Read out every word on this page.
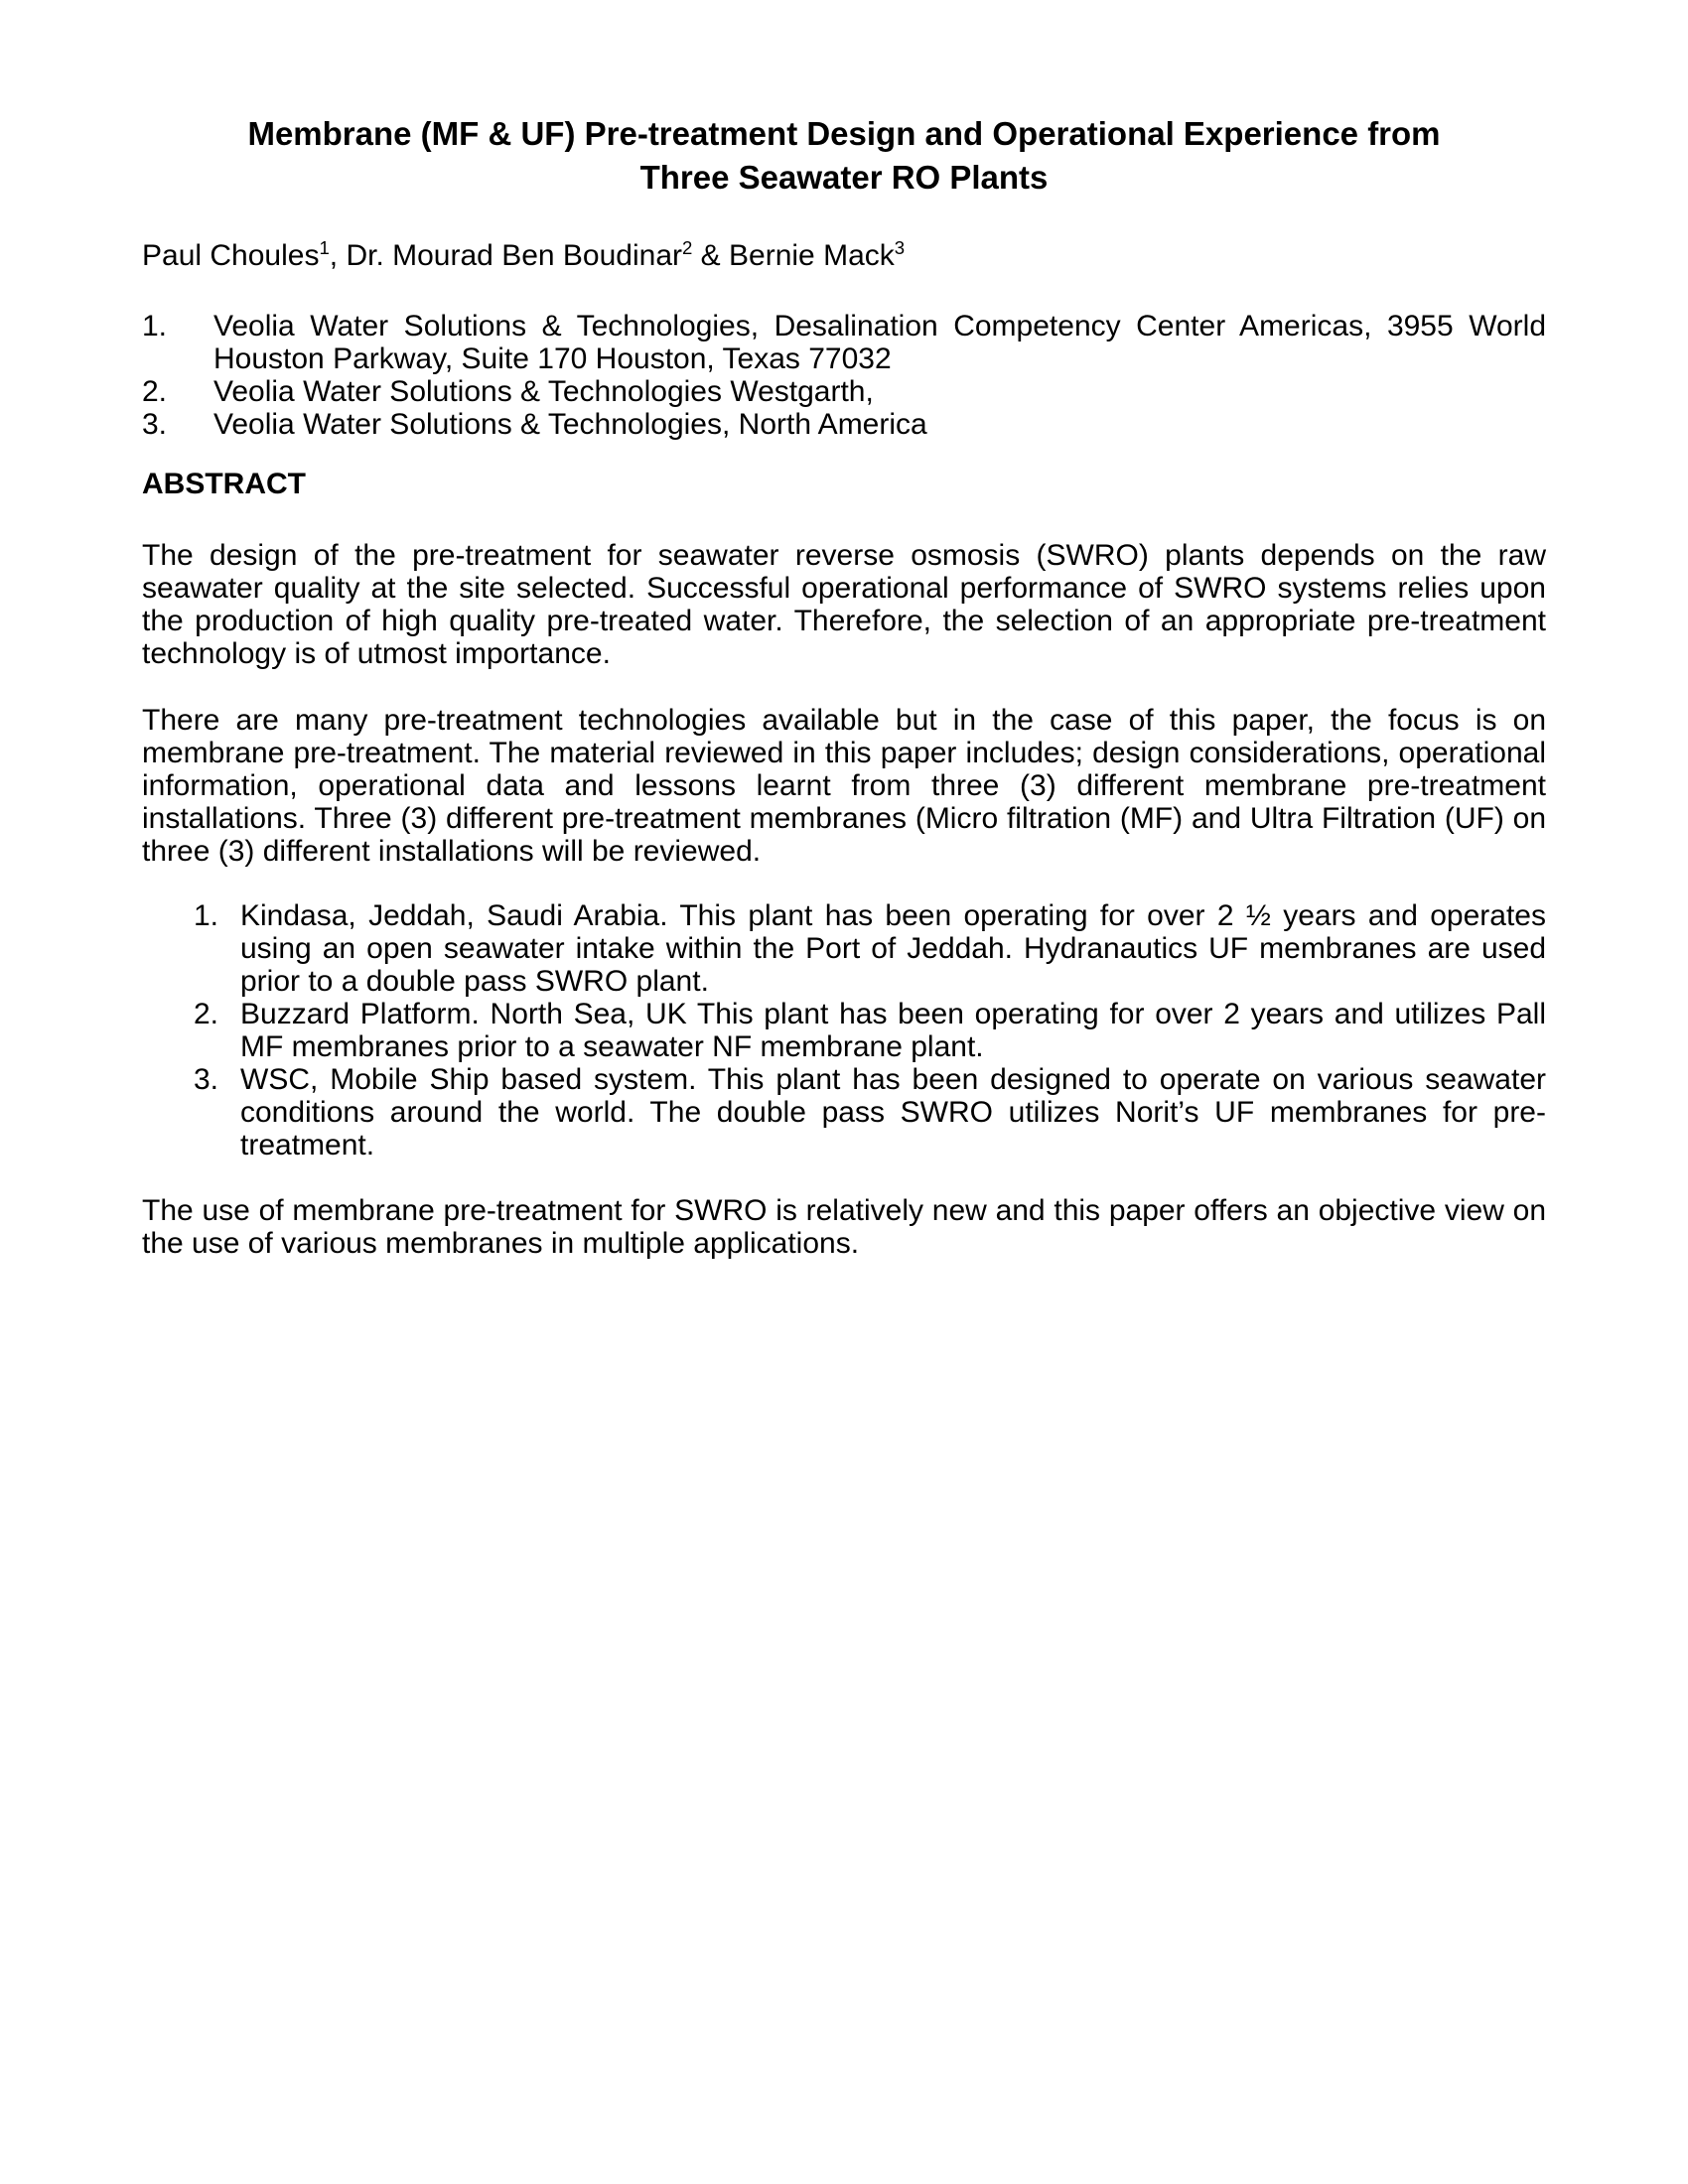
Membrane (MF & UF) Pre-treatment Design and Operational Experience from
Three Seawater RO Plants

Paul Choules$^1$, Dr. Mourad Ben Boudinar$^2$ & Bernie Mack$^3$

1.	Veolia Water Solutions & Technologies, Desalination Competency Center Americas, 3955 World Houston Parkway, Suite 170 Houston, Texas 77032
2.	Veolia Water Solutions & Technologies Westgarth,
3.	Veolia Water Solutions & Technologies, North America
ABSTRACT

The design of the pre-treatment for seawater reverse osmosis (SWRO) plants depends on the raw seawater quality at the site selected. Successful operational performance of SWRO systems relies upon the production of high quality pre-treated water. Therefore, the selection of an appropriate pre-treatment technology is of utmost importance.

There are many pre-treatment technologies available but in the case of this paper, the focus is on membrane pre-treatment. The material reviewed in this paper includes; design considerations, operational information, operational data and lessons learnt from three (3) different membrane pre-treatment installations. Three (3) different pre-treatment membranes (Micro filtration (MF) and Ultra Filtration (UF) on three (3) different installations will be reviewed.

1. Kindasa, Jeddah, Saudi Arabia. This plant has been operating for over 2 ½ years and operates using an open seawater intake within the Port of Jeddah. Hydranautics UF membranes are used prior to a double pass SWRO plant.
2. Buzzard Platform. North Sea, UK This plant has been operating for over 2 years and utilizes Pall MF membranes prior to a seawater NF membrane plant.
3. WSC, Mobile Ship based system. This plant has been designed to operate on various seawater conditions around the world. The double pass SWRO utilizes Norit’s UF membranes for pre-treatment.

The use of membrane pre-treatment for SWRO is relatively new and this paper offers an objective view on the use of various membranes in multiple applications.
